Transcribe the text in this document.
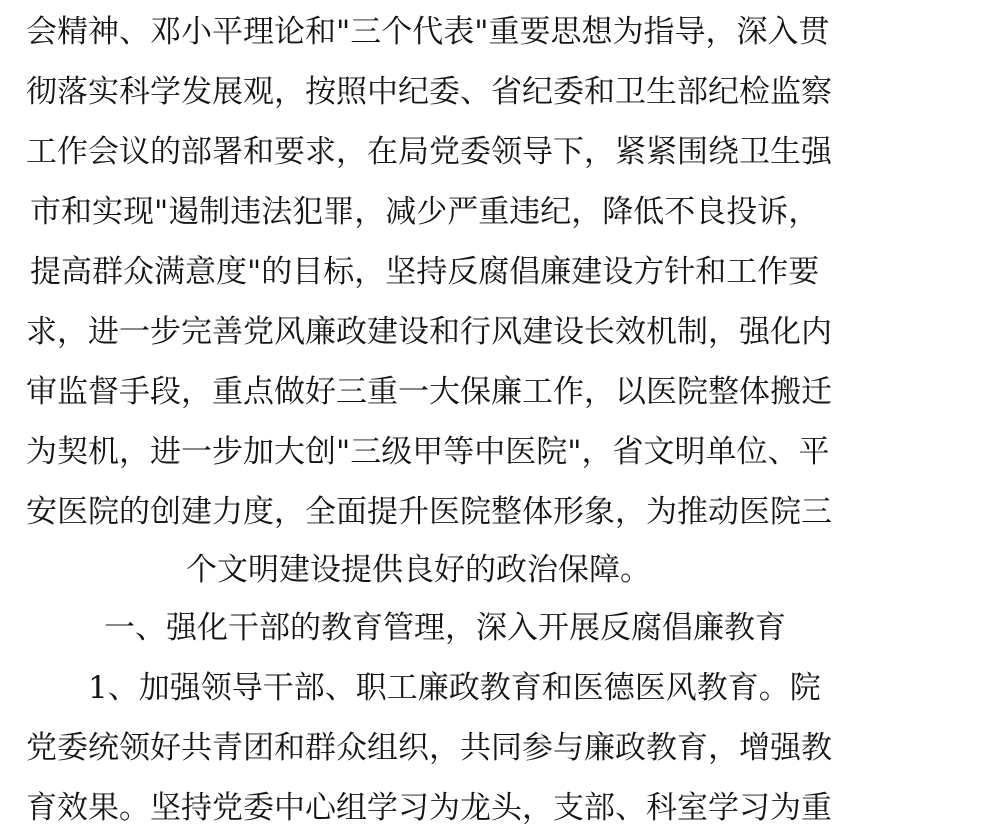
会精神、邓小平理论和"三个代表"重要思想为指导，深入贯
彻落实科学发展观，按照中纪委、省纪委和卫生部纪检监察
工作会议的部署和要求，在局党委领导下，紧紧围绕卫生强
市和实现"遏制违法犯罪，减少严重违纪，降低不良投诉，
提高群众满意度"的目标，坚持反腐倡廉建设方针和工作要
求，进一步完善党风廉政建设和行风建设长效机制，强化内
审监督手段，重点做好三重一大保廉工作，以医院整体搬迁
为契机，进一步加大创"三级甲等中医院"，省文明单位、平
安医院的创建力度，全面提升医院整体形象，为推动医院三
个文明建设提供良好的政治保障。
一、强化干部的教育管理，深入开展反腐倡廉教育
1、加强领导干部、职工廉政教育和医德医风教育。院
党委统领好共青团和群众组织，共同参与廉政教育，增强教
育效果。坚持党委中心组学习为龙头，支部、科室学习为重
